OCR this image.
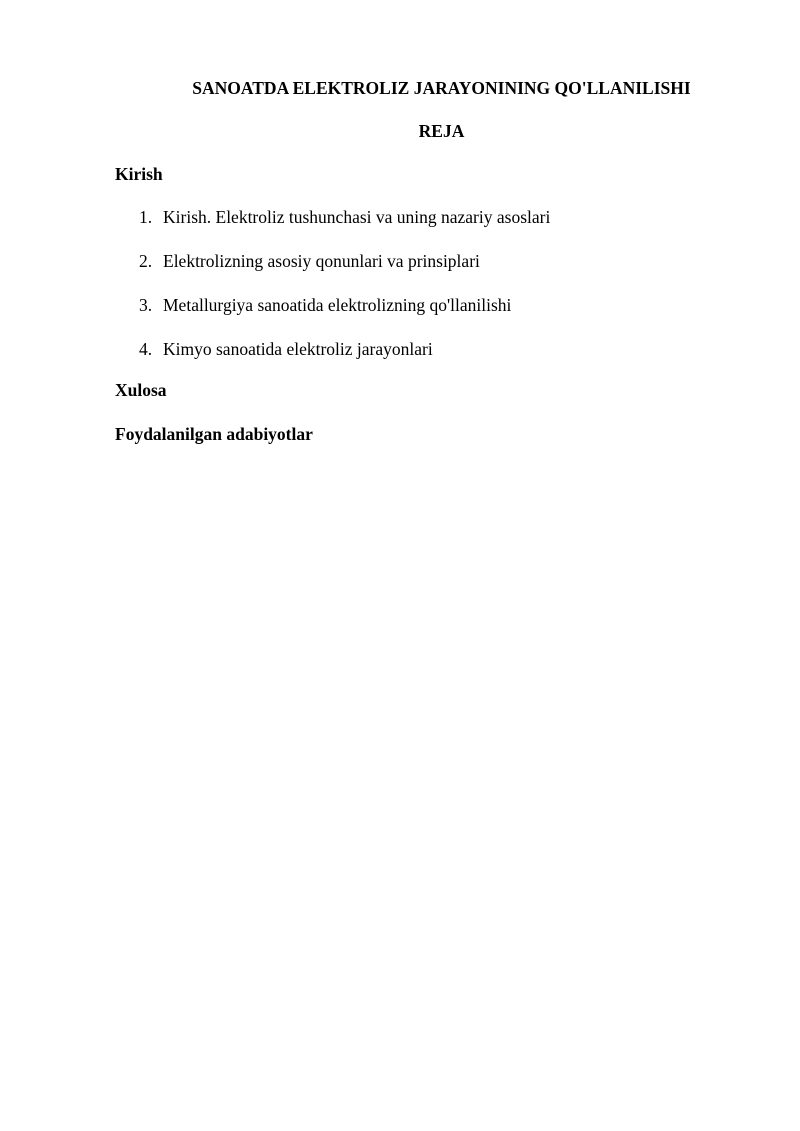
SANOATDA ELEKTROLIZ JARAYONINING QO'LLANILISHI
REJA
Kirish
1. Kirish. Elektroliz tushunchasi va uning nazariy asoslari
2. Elektrolizning asosiy qonunlari va prinsiplari
3. Metallurgiya sanoatida elektrolizning qo'llanilishi
4. Kimyo sanoatida elektroliz jarayonlari
Xulosa
Foydalanilgan adabiyotlar
